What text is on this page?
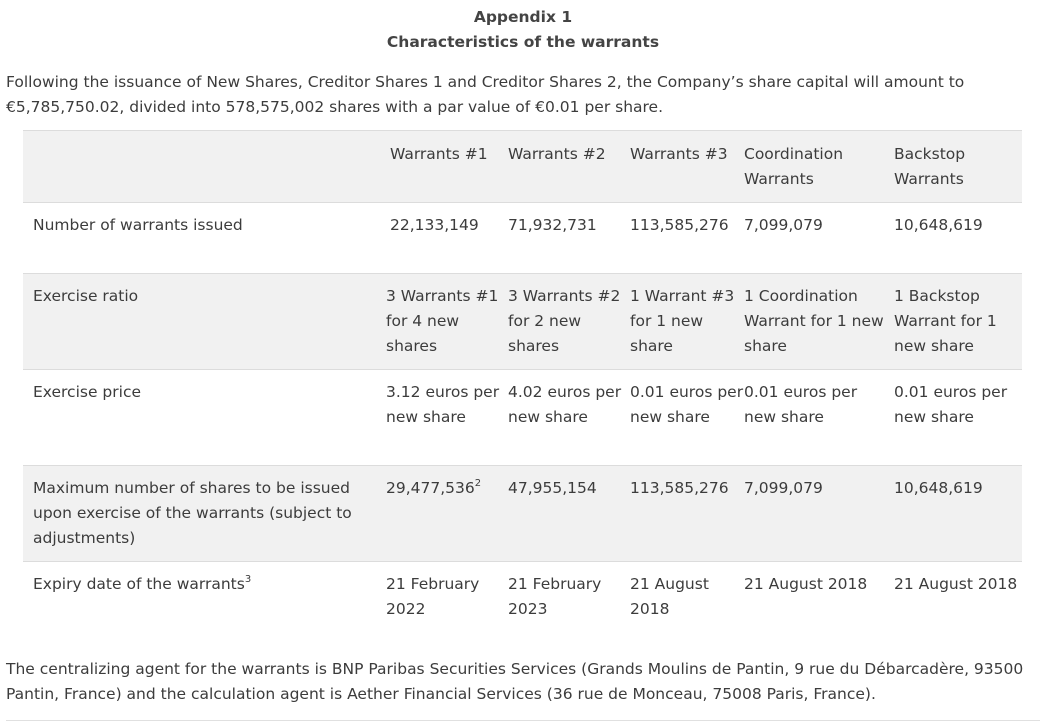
Appendix 1
Characteristics of the warrants
Following the issuance of New Shares, Creditor Shares 1 and Creditor Shares 2, the Company’s share capital will amount to €5,785,750.02, divided into 578,575,002 shares with a par value of €0.01 per share.
	Warrants #1	Warrants #2	Warrants #3	Coordination Warrants	Backstop Warrants
Number of warrants issued	22,133,149	71,932,731	113,585,276	7,099,079	10,648,619
Exercise ratio	3 Warrants #1 for 4 new shares	3 Warrants #2 for 2 new shares	1 Warrant #3 for 1 new share	1 Coordination Warrant for 1 new share	1 Backstop Warrant for 1 new share
Exercise price	3.12 euros per new share	4.02 euros per new share	0.01 euros per new share	0.01 euros per new share	0.01 euros per new share
Maximum number of shares to be issued upon exercise of the warrants (subject to adjustments)	29,477,536$^2$	47,955,154	113,585,276	7,099,079	10,648,619
Expiry date of the warrants$^3$	21 February 2022	21 February 2023	21 August 2018	21 August 2018	21 August 2018
The centralizing agent for the warrants is BNP Paribas Securities Services (Grands Moulins de Pantin, 9 rue du Débarcadère, 93500 Pantin, France) and the calculation agent is Aether Financial Services (36 rue de Monceau, 75008 Paris, France).
